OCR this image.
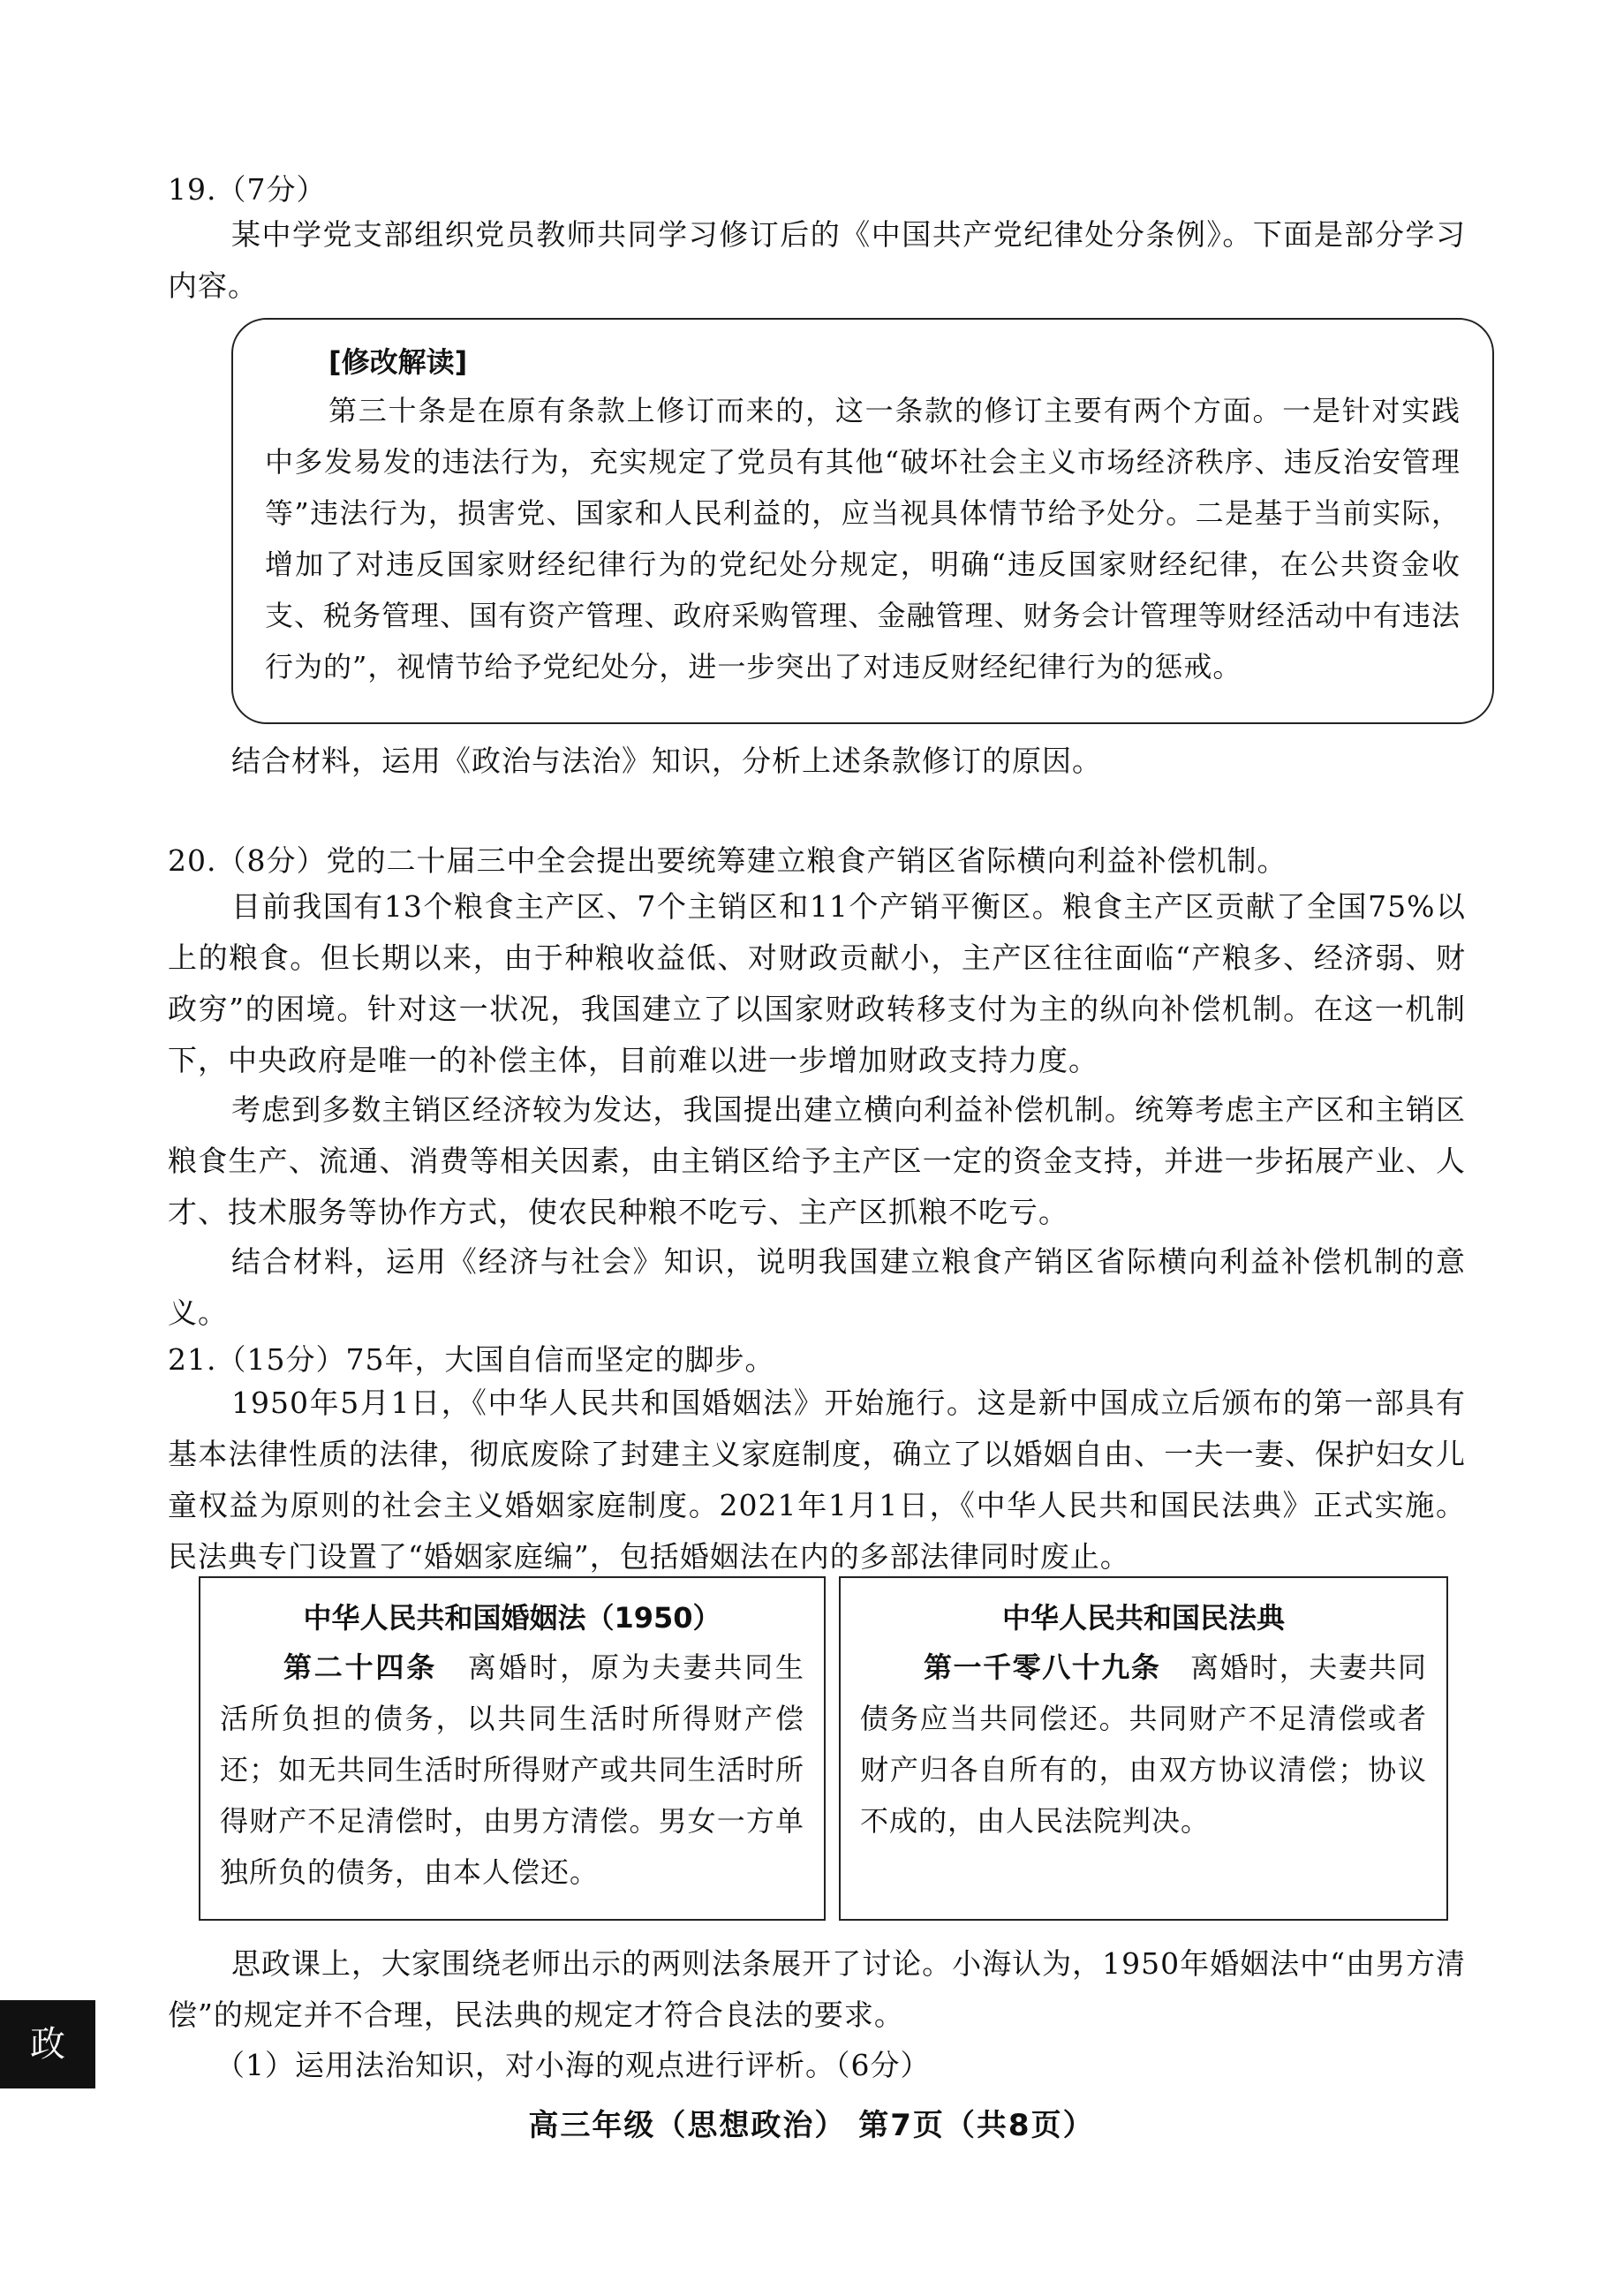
19.（7分）

某中学党支部组织党员教师共同学习修订后的《中国共产党纪律处分条例》。下面是部分学习内容。

[修改解读]

第三十条是在原有条款上修订而来的，这一条款的修订主要有两个方面。一是针对实践中多发易发的违法行为，充实规定了党员有其他“破坏社会主义市场经济秩序、违反治安管理等”违法行为，损害党、国家和人民利益的，应当视具体情节给予处分。二是基于当前实际，增加了对违反国家财经纪律行为的党纪处分规定，明确“违反国家财经纪律，在公共资金收支、税务管理、国有资产管理、政府采购管理、金融管理、财务会计管理等财经活动中有违法行为的”，视情节给予党纪处分，进一步突出了对违反财经纪律行为的惩戒。

结合材料，运用《政治与法治》知识，分析上述条款修订的原因。

20.（8分）党的二十届三中全会提出要统筹建立粮食产销区省际横向利益补偿机制。

目前我国有13个粮食主产区、7个主销区和11个产销平衡区。粮食主产区贡献了全国75%以上的粮食。但长期以来，由于种粮收益低、对财政贡献小，主产区往往面临“产粮多、经济弱、财政穷”的困境。针对这一状况，我国建立了以国家财政转移支付为主的纵向补偿机制。在这一机制下，中央政府是唯一的补偿主体，目前难以进一步增加财政支持力度。

考虑到多数主销区经济较为发达，我国提出建立横向利益补偿机制。统筹考虑主产区和主销区粮食生产、流通、消费等相关因素，由主销区给予主产区一定的资金支持，并进一步拓展产业、人才、技术服务等协作方式，使农民种粮不吃亏、主产区抓粮不吃亏。

结合材料，运用《经济与社会》知识，说明我国建立粮食产销区省际横向利益补偿机制的意义。

21.（15分）75年，大国自信而坚定的脚步。

1950年5月1日，《中华人民共和国婚姻法》开始施行。这是新中国成立后颁布的第一部具有基本法律性质的法律，彻底废除了封建主义家庭制度，确立了以婚姻自由、一夫一妻、保护妇女儿童权益为原则的社会主义婚姻家庭制度。2021年1月1日，《中华人民共和国民法典》正式实施。民法典专门设置了“婚姻家庭编”，包括婚姻法在内的多部法律同时废止。

中华人民共和国婚姻法（1950）

第二十四条　 离婚时，原为夫妻共同生活所负担的债务，以共同生活时所得财产偿还；如无共同生活时所得财产或共同生活时所得财产不足清偿时，由男方清偿。男女一方单独所负的债务，由本人偿还。

中华人民共和国民法典

第一千零八十九条　 离婚时，夫妻共同债务应当共同偿还。共同财产不足清偿或者财产归各自所有的，由双方协议清偿；协议不成的，由人民法院判决。

思政课上，大家围绕老师出示的两则法条展开了讨论。小海认为，1950年婚姻法中“由男方清偿”的规定并不合理，民法典的规定才符合良法的要求。

（1）运用法治知识，对小海的观点进行评析。（6分）

政

高三年级（思想政治） 第7页（共8页）
